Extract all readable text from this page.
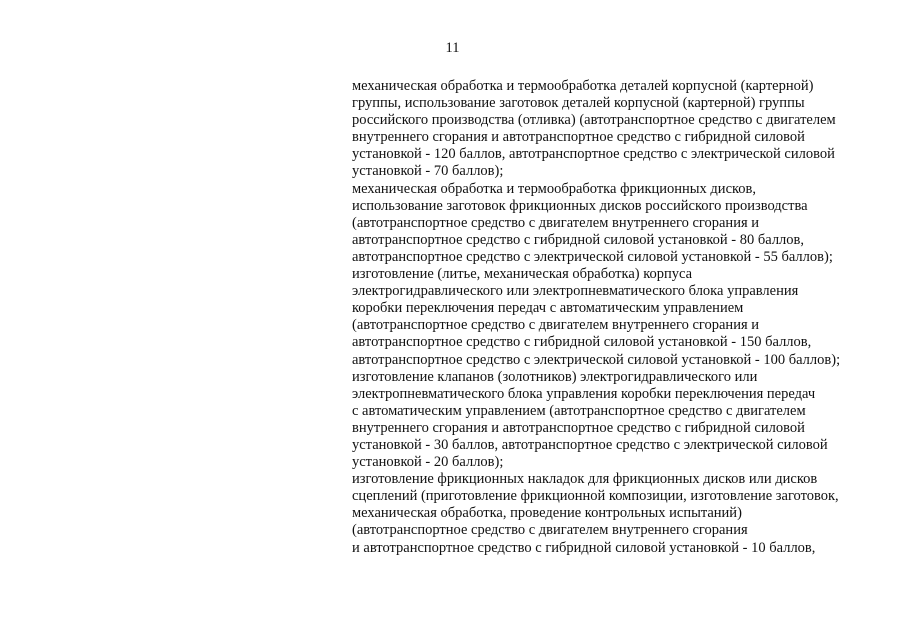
11
механическая обработка и термообработка деталей корпусной (картерной)
группы, использование заготовок деталей корпусной (картерной) группы
российского производства (отливка) (автотранспортное средство с двигателем
внутреннего сгорания и автотранспортное средство с гибридной силовой
установкой - 120 баллов, автотранспортное средство с электрической силовой
установкой - 70 баллов);
механическая обработка и термообработка фрикционных дисков,
использование заготовок фрикционных дисков российского производства
(автотранспортное средство с двигателем внутреннего сгорания и
автотранспортное средство с гибридной силовой установкой - 80 баллов,
автотранспортное средство с электрической силовой установкой - 55 баллов);
изготовление (литье, механическая обработка) корпуса
электрогидравлического или электропневматического блока управления
коробки переключения передач с автоматическим управлением
(автотранспортное средство с двигателем внутреннего сгорания и
автотранспортное средство с гибридной силовой установкой - 150 баллов,
автотранспортное средство с электрической силовой установкой - 100 баллов);
изготовление клапанов (золотников) электрогидравлического или
электропневматического блока управления коробки переключения передач
с автоматическим управлением (автотранспортное средство с двигателем
внутреннего сгорания и автотранспортное средство с гибридной силовой
установкой - 30 баллов, автотранспортное средство с электрической силовой
установкой - 20 баллов);
изготовление фрикционных накладок для фрикционных дисков или дисков
сцеплений (приготовление фрикционной композиции, изготовление заготовок,
механическая обработка, проведение контрольных испытаний)
(автотранспортное средство с двигателем внутреннего сгорания
и автотранспортное средство с гибридной силовой установкой - 10 баллов,
